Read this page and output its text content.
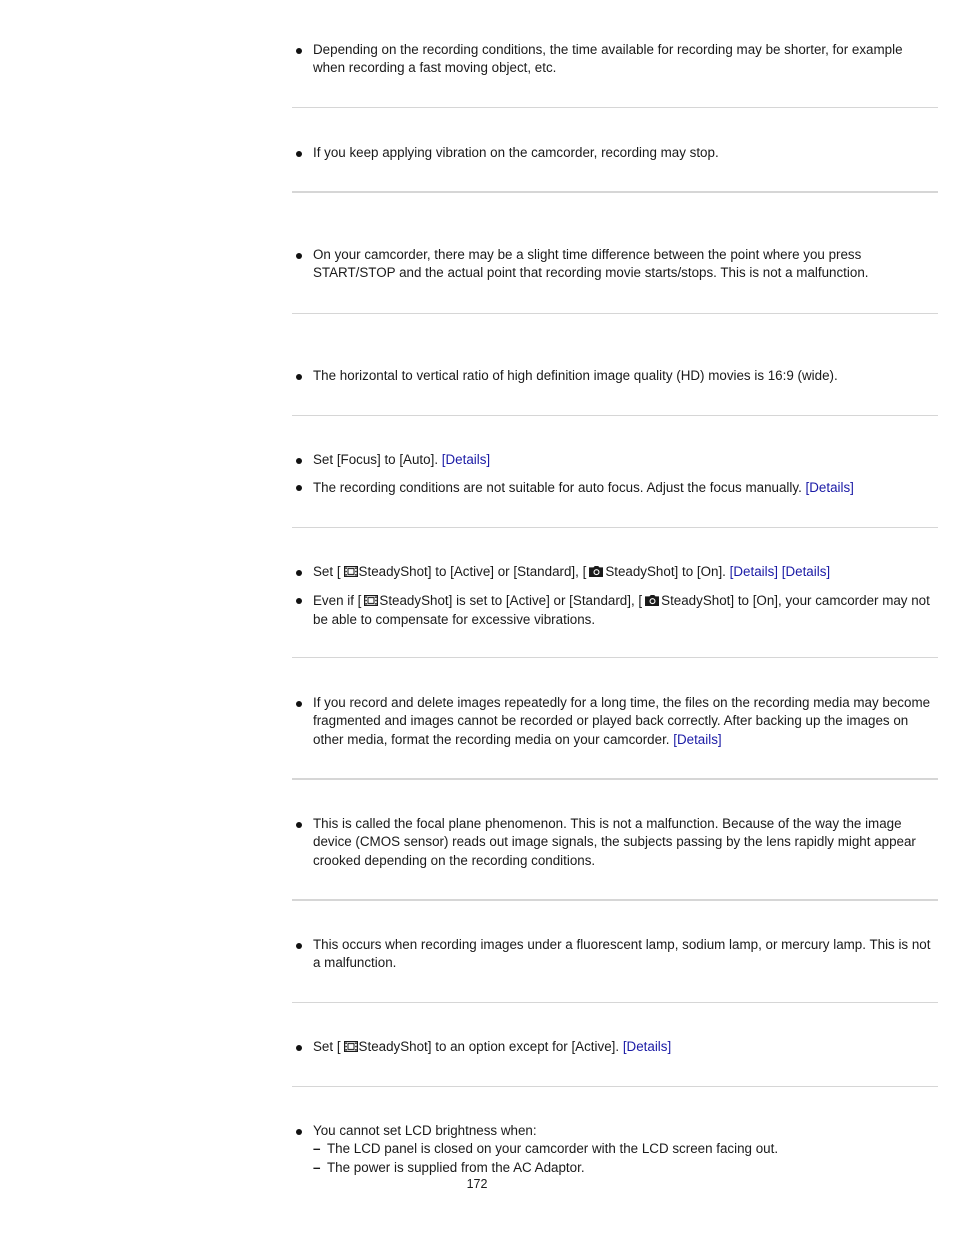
Depending on the recording conditions, the time available for recording may be shorter, for example when recording a fast moving object, etc.
If you keep applying vibration on the camcorder, recording may stop.
On your camcorder, there may be a slight time difference between the point where you press START/STOP and the actual point that recording movie starts/stops. This is not a malfunction.
The horizontal to vertical ratio of high definition image quality (HD) movies is 16:9 (wide).
Set [Focus] to [Auto]. [Details]
The recording conditions are not suitable for auto focus. Adjust the focus manually. [Details]
Set [ SteadyShot] to [Active] or [Standard], [ SteadyShot] to [On]. [Details] [Details]
Even if [ SteadyShot] is set to [Active] or [Standard], [ SteadyShot] to [On], your camcorder may not be able to compensate for excessive vibrations.
If you record and delete images repeatedly for a long time, the files on the recording media may become fragmented and images cannot be recorded or played back correctly. After backing up the images on other media, format the recording media on your camcorder. [Details]
This is called the focal plane phenomenon. This is not a malfunction. Because of the way the image device (CMOS sensor) reads out image signals, the subjects passing by the lens rapidly might appear crooked depending on the recording conditions.
This occurs when recording images under a fluorescent lamp, sodium lamp, or mercury lamp. This is not a malfunction.
Set [ SteadyShot] to an option except for [Active]. [Details]
You cannot set LCD brightness when:
– The LCD panel is closed on your camcorder with the LCD screen facing out.
– The power is supplied from the AC Adaptor.
172
